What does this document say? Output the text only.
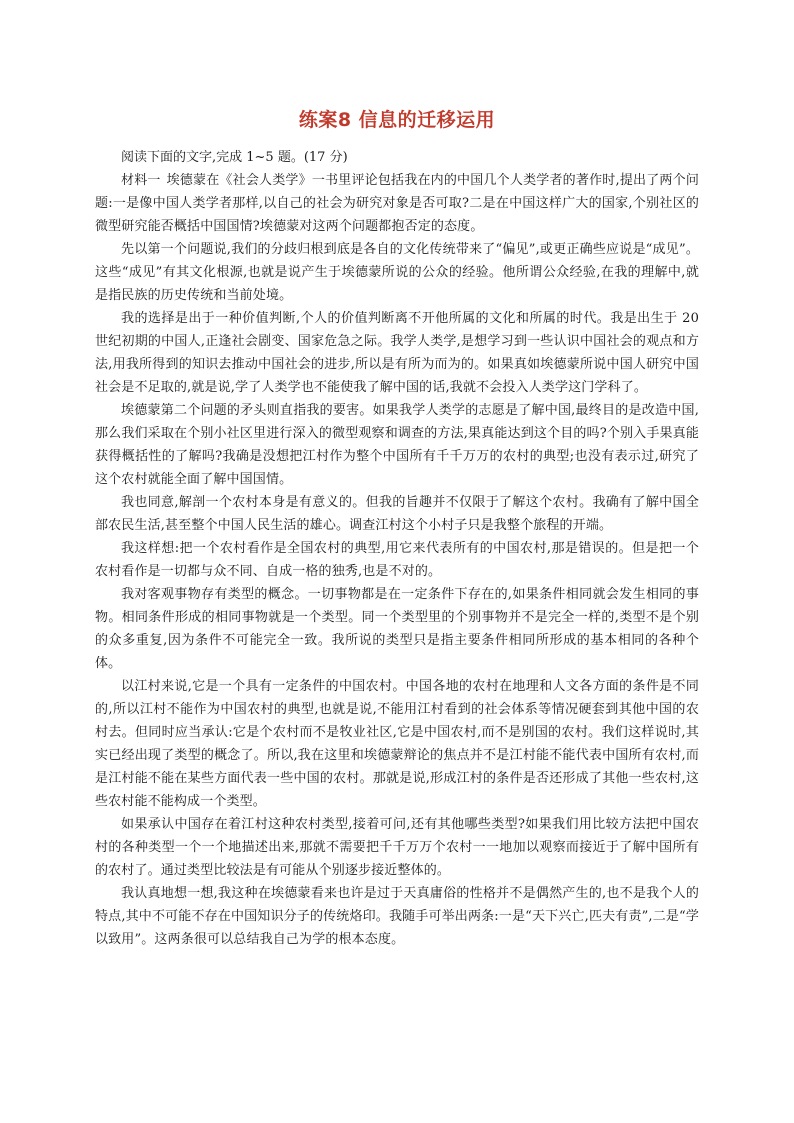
练案8 信息的迁移运用
阅读下面的文字,完成 1~5 题。(17 分)

材料一 埃德蒙在《社会人类学》一书里评论包括我在内的中国几个人类学者的著作时,提出了两个问题:一是像中国人类学者那样,以自己的社会为研究对象是否可取?二是在中国这样广大的国家,个别社区的微型研究能否概括中国国情?埃德蒙对这两个问题都抱否定的态度。

先以第一个问题说,我们的分歧归根到底是各自的文化传统带来了“偏见”,或更正确些应说是“成见”。这些“成见”有其文化根源,也就是说产生于埃德蒙所说的公众的经验。他所谓公众经验,在我的理解中,就是指民族的历史传统和当前处境。

我的选择是出于一种价值判断,个人的价值判断离不开他所属的文化和所属的时代。我是出生于 20 世纪初期的中国人,正逢社会剧变、国家危急之际。我学人类学,是想学习到一些认识中国社会的观点和方法,用我所得到的知识去推动中国社会的进步,所以是有所为而为的。如果真如埃德蒙所说中国人研究中国社会是不足取的,就是说,学了人类学也不能使我了解中国的话,我就不会投入人类学这门学科了。

埃德蒙第二个问题的矛头则直指我的要害。如果我学人类学的志愿是了解中国,最终目的是改造中国,那么我们采取在个别小社区里进行深入的微型观察和调查的方法,果真能达到这个目的吗?个别入手果真能获得概括性的了解吗?我确是没想把江村作为整个中国所有千千万万的农村的典型;也没有表示过,研究了这个农村就能全面了解中国国情。

我也同意,解剖一个农村本身是有意义的。但我的旨趣并不仅限于了解这个农村。我确有了解中国全部农民生活,甚至整个中国人民生活的雄心。调查江村这个小村子只是我整个旅程的开端。

我这样想:把一个农村看作是全国农村的典型,用它来代表所有的中国农村,那是错误的。但是把一个农村看作是一切都与众不同、自成一格的独秀,也是不对的。

我对客观事物存有类型的概念。一切事物都是在一定条件下存在的,如果条件相同就会发生相同的事物。相同条件形成的相同事物就是一个类型。同一个类型里的个别事物并不是完全一样的,类型不是个别的众多重复,因为条件不可能完全一致。我所说的类型只是指主要条件相同所形成的基本相同的各种个体。

以江村来说,它是一个具有一定条件的中国农村。中国各地的农村在地理和人文各方面的条件是不同的,所以江村不能作为中国农村的典型,也就是说,不能用江村看到的社会体系等情况硬套到其他中国的农村去。但同时应当承认:它是个农村而不是牧业社区,它是中国农村,而不是别国的农村。我们这样说时,其实已经出现了类型的概念了。所以,我在这里和埃德蒙辩论的焦点并不是江村能不能代表中国所有农村,而是江村能不能在某些方面代表一些中国的农村。那就是说,形成江村的条件是否还形成了其他一些农村,这些农村能不能构成一个类型。

如果承认中国存在着江村这种农村类型,接着可问,还有其他哪些类型?如果我们用比较方法把中国农村的各种类型一个一个地描述出来,那就不需要把千千万万个农村一一地加以观察而接近于了解中国所有的农村了。通过类型比较法是有可能从个别逐步接近整体的。

我认真地想一想,我这种在埃德蒙看来也许是过于天真庸俗的性格并不是偶然产生的,也不是我个人的特点,其中不可能不存在中国知识分子的传统烙印。我随手可举出两条:一是“天下兴亡,匹夫有责”,二是“学以致用”。这两条很可以总结我自己为学的根本态度。
